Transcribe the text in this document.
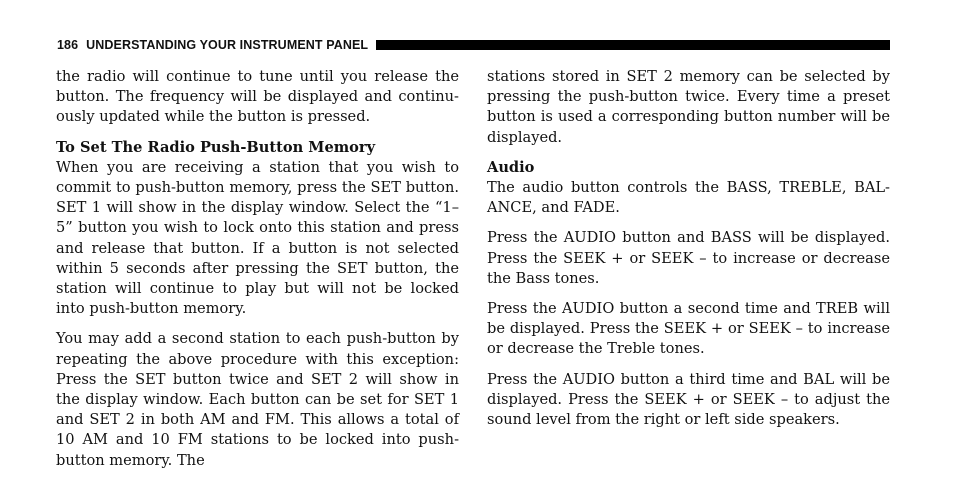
186 UNDERSTANDING YOUR INSTRUMENT PANEL

the radio will continue to tune until you release the button. The frequency will be displayed and continu-ously updated while the button is pressed.

To Set The Radio Push-Button Memory

When you are receiving a station that you wish to commit to push-button memory, press the SET button. SET 1 will show in the display window. Select the “1–5” button you wish to lock onto this station and press and release that button. If a button is not selected within 5 seconds after pressing the SET button, the station will continue to play but will not be locked into push-button memory.

You may add a second station to each push-button by repeating the above procedure with this exception: Press the SET button twice and SET 2 will show in the display window. Each button can be set for SET 1 and SET 2 in both AM and FM. This allows a total of 10 AM and 10 FM stations to be locked into push-button memory. The

stations stored in SET 2 memory can be selected by pressing the push-button twice. Every time a preset button is used a corresponding button number will be displayed.

Audio

The audio button controls the BASS, TREBLE, BAL-ANCE, and FADE.

Press the AUDIO button and BASS will be displayed. Press the SEEK + or SEEK – to increase or decrease the Bass tones.

Press the AUDIO button a second time and TREB will be displayed. Press the SEEK + or SEEK – to increase or decrease the Treble tones.

Press the AUDIO button a third time and BAL will be displayed. Press the SEEK + or SEEK – to adjust the sound level from the right or left side speakers.
